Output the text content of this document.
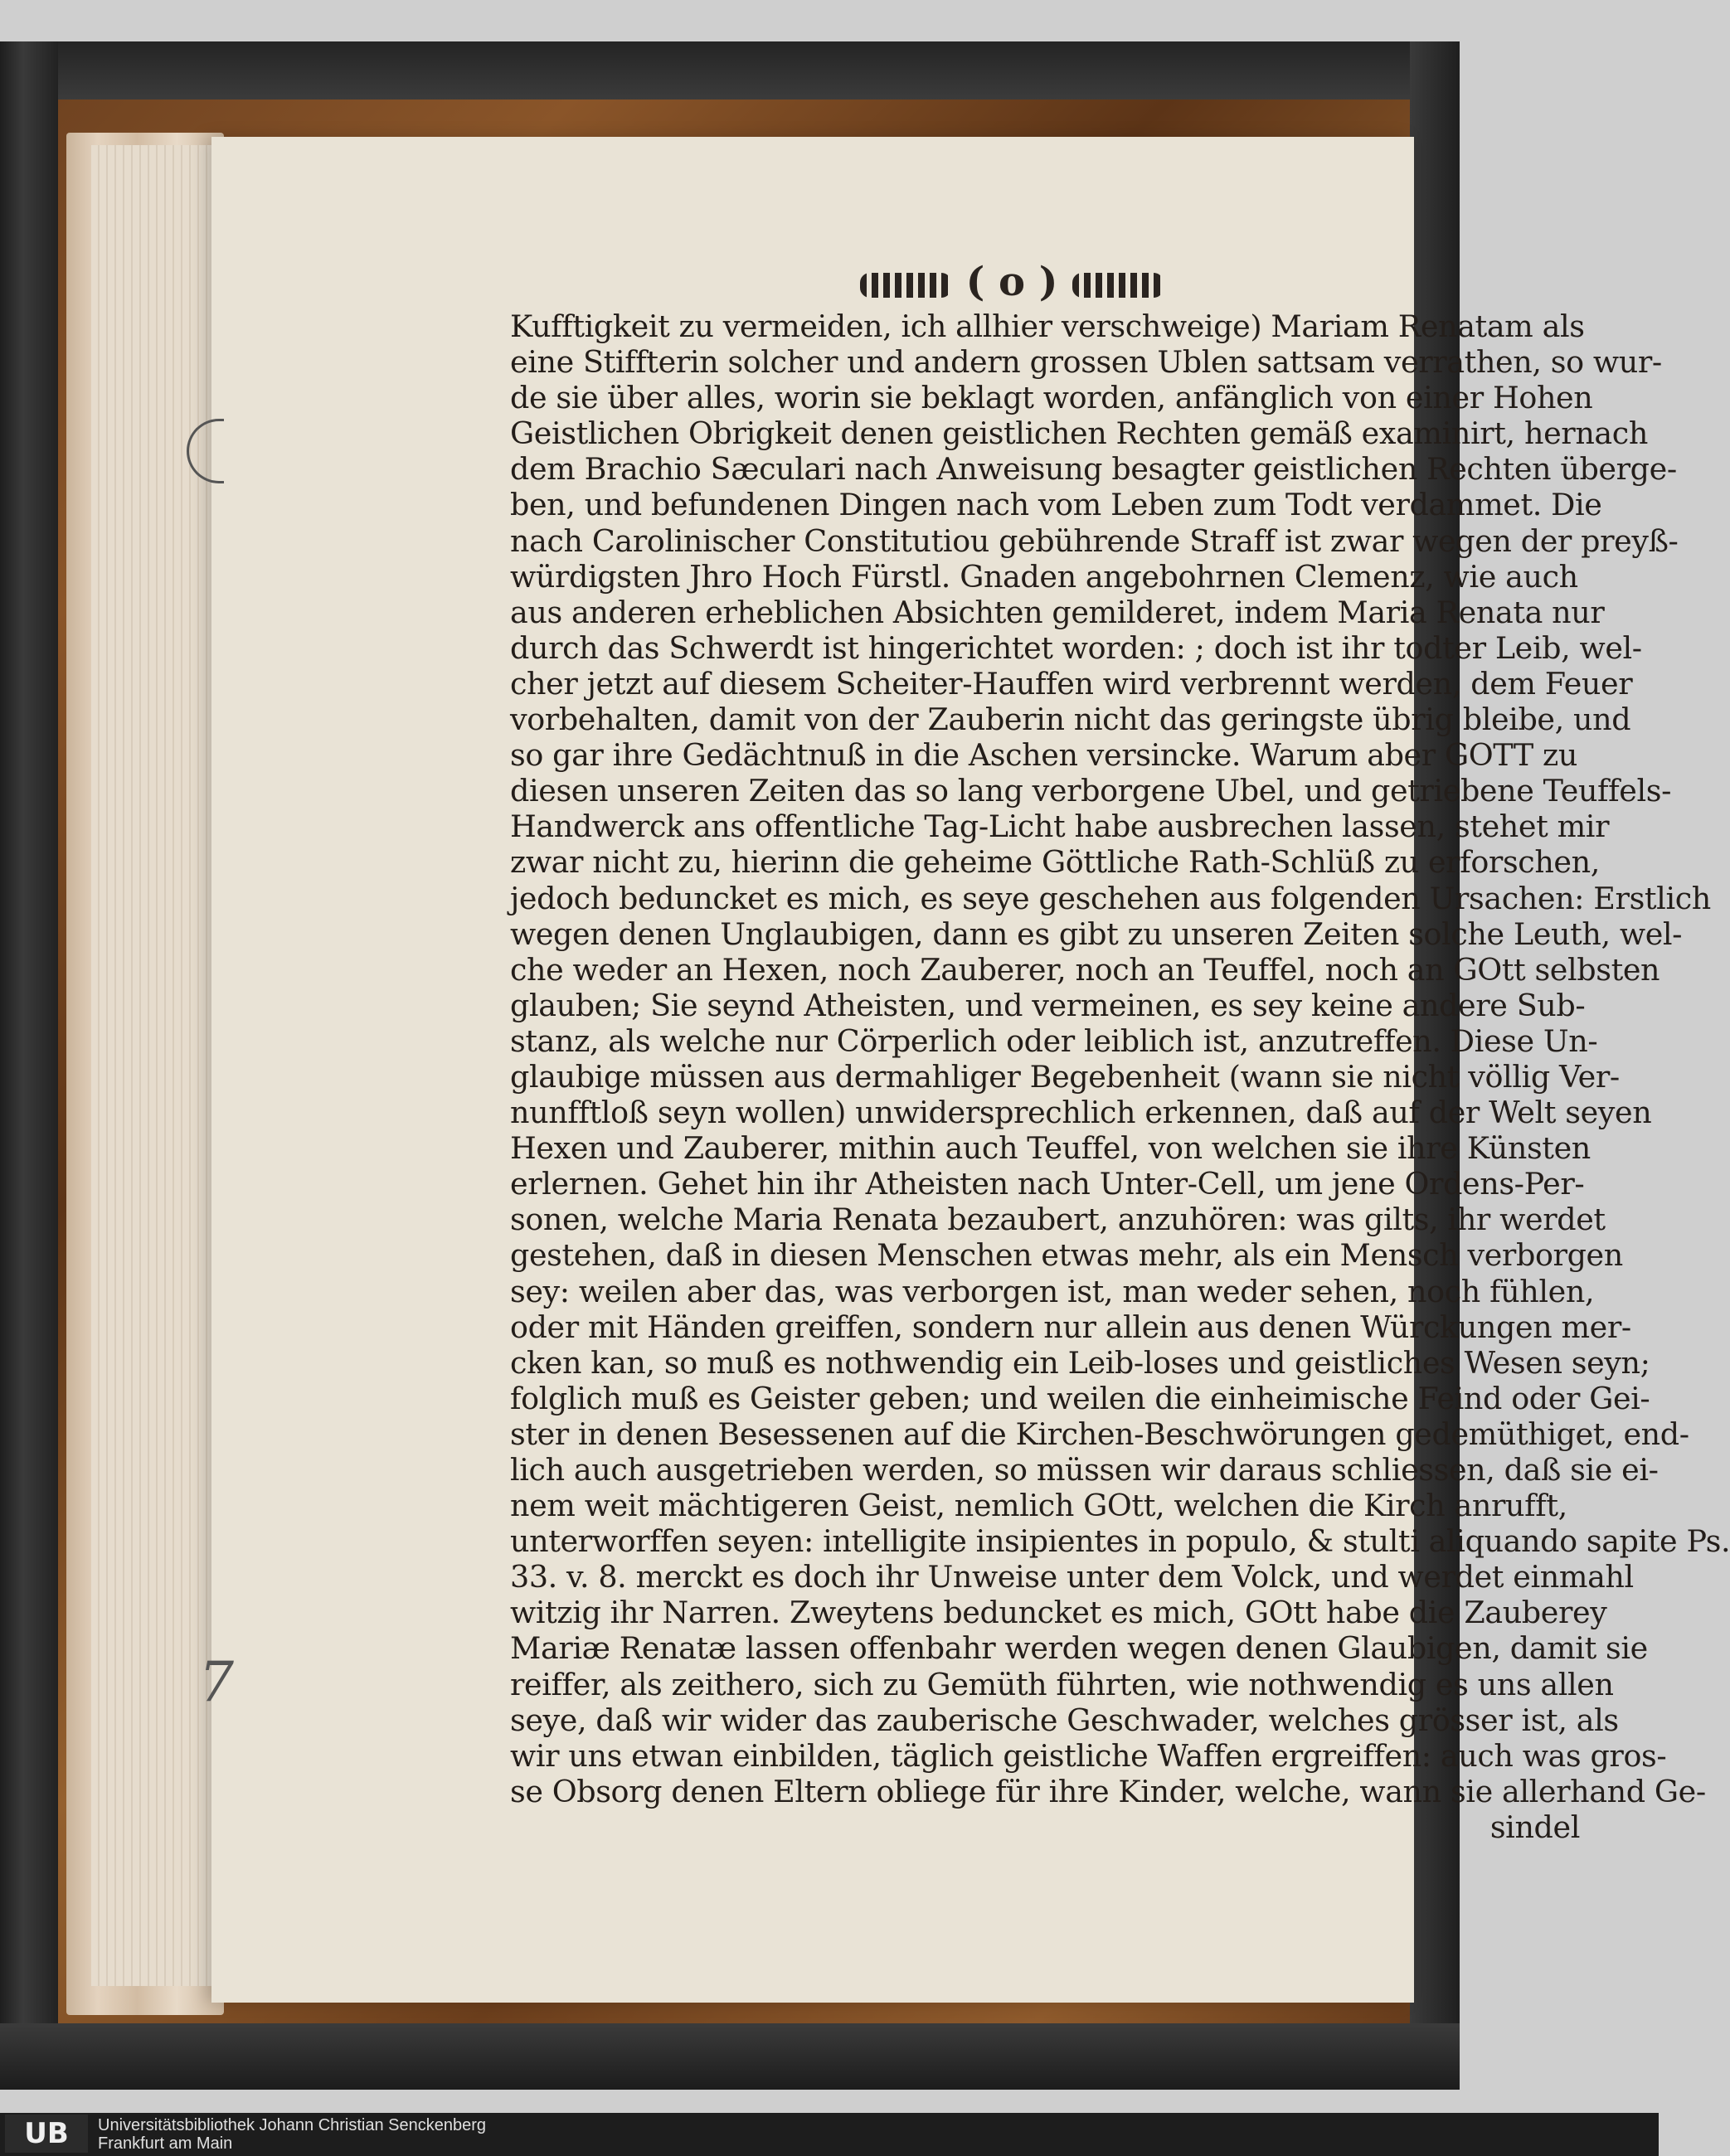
7
( o )
Kufftigkeit zu vermeiden, ich allhier verschweige) Mariam Renatam als
eine Stiffterin solcher und andern grossen Ublen sattsam verrathen, so wur-
de sie über alles, worin sie beklagt worden, anfänglich von einer Hohen
Geistlichen Obrigkeit denen geistlichen Rechten gemäß examinirt, hernach
dem Brachio Sæculari nach Anweisung besagter geistlichen Rechten überge-
ben, und befundenen Dingen nach vom Leben zum Todt verdammet. Die
nach Carolinischer Constitutiou gebührende Straff ist zwar wegen der preyß-
würdigsten Jhro Hoch Fürstl. Gnaden angebohrnen Clemenz, wie auch
aus anderen erheblichen Absichten gemilderet, indem Maria Renata nur
durch das Schwerdt ist hingerichtet worden: ; doch ist ihr todter Leib, wel-
cher jetzt auf diesem Scheiter-Hauffen wird verbrennt werden, dem Feuer
vorbehalten, damit von der Zauberin nicht das geringste übrig bleibe, und
so gar ihre Gedächtnuß in die Aschen versincke. Warum aber GOTT zu
diesen unseren Zeiten das so lang verborgene Ubel, und getriebene Teuffels-
Handwerck ans offentliche Tag-Licht habe ausbrechen lassen, stehet mir
zwar nicht zu, hierinn die geheime Göttliche Rath-Schlüß zu erforschen,
jedoch beduncket es mich, es seye geschehen aus folgenden Ursachen: Erstlich
wegen denen Unglaubigen, dann es gibt zu unseren Zeiten solche Leuth, wel-
che weder an Hexen, noch Zauberer, noch an Teuffel, noch an GOtt selbsten
glauben; Sie seynd Atheisten, und vermeinen, es sey keine andere Sub-
stanz, als welche nur Cörperlich oder leiblich ist, anzutreffen. Diese Un-
glaubige müssen aus dermahliger Begebenheit (wann sie nicht völlig Ver-
nunfftloß seyn wollen) unwidersprechlich erkennen, daß auf der Welt seyen
Hexen und Zauberer, mithin auch Teuffel, von welchen sie ihre Künsten
erlernen. Gehet hin ihr Atheisten nach Unter-Cell, um jene Ordens-Per-
sonen, welche Maria Renata bezaubert, anzuhören: was gilts, ihr werdet
gestehen, daß in diesen Menschen etwas mehr, als ein Mensch verborgen
sey: weilen aber das, was verborgen ist, man weder sehen, noch fühlen,
oder mit Händen greiffen, sondern nur allein aus denen Würckungen mer-
cken kan, so muß es nothwendig ein Leib-loses und geistliches Wesen seyn;
folglich muß es Geister geben; und weilen die einheimische Feind oder Gei-
ster in denen Besessenen auf die Kirchen-Beschwörungen gedemüthiget, end-
lich auch ausgetrieben werden, so müssen wir daraus schliessen, daß sie ei-
nem weit mächtigeren Geist, nemlich GOtt, welchen die Kirch anrufft,
unterworffen seyen: intelligite insipientes in populo, & stulti aliquando sapite Ps.
33. v. 8. merckt es doch ihr Unweise unter dem Volck, und werdet einmahl
witzig ihr Narren. Zweytens beduncket es mich, GOtt habe die Zauberey
Mariæ Renatæ lassen offenbahr werden wegen denen Glaubigen, damit sie
reiffer, als zeithero, sich zu Gemüth führten, wie nothwendig es uns allen
seye, daß wir wider das zauberische Geschwader, welches grösser ist, als
wir uns etwan einbilden, täglich geistliche Waffen ergreiffen: auch was gros-
se Obsorg denen Eltern obliege für ihre Kinder, welche, wann sie allerhand Ge-
sindel
UB	Universitätsbibliothek Johann Christian Senckenberg
Frankfurt am Main
